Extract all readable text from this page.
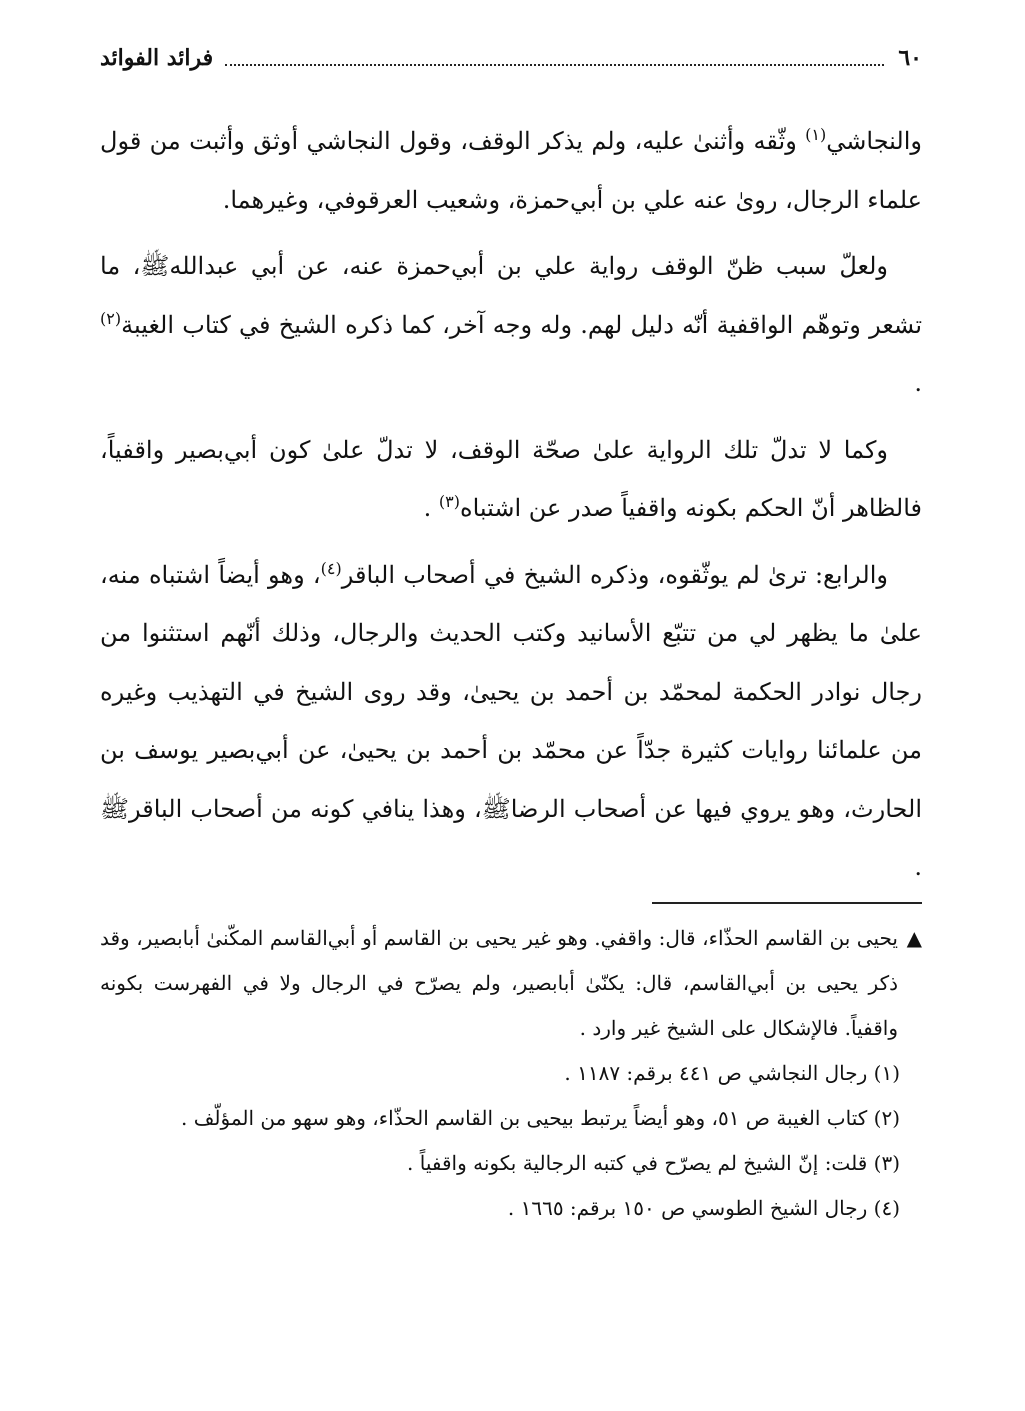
٦٠
فرائد الفوائد

والنجاشي$^{(١)}$ وثّقه وأثنىٰ عليه، ولم يذكر الوقف، وقول النجاشي أوثق وأثبت من قول علماء الرجال، روىٰ عنه علي بن أبي‌حمزة، وشعيب العرقوفي، وغيرهما.

ولعلّ سبب ظنّ الوقف رواية علي بن أبي‌حمزة عنه، عن أبي عبدالله‌ﷺ، ما تشعر وتوهّم الواقفية أنّه دليل لهم. وله وجه آخر، كما ذكره الشيخ في كتاب الغيبة$^{(٢)}$ .

وكما لا تدلّ تلك الرواية علىٰ صحّة الوقف، لا تدلّ علىٰ كون أبي‌بصير واقفياً، فالظاهر أنّ الحكم بكونه واقفياً صدر عن اشتباه$^{(٣)}$ .

والرابع: ترىٰ لم يوثّقوه، وذكره الشيخ في أصحاب الباقر$^{(٤)}$، وهو أيضاً اشتباه منه، علىٰ ما يظهر لي من تتبّع الأسانيد وكتب الحديث والرجال، وذلك أنّهم استثنوا من رجال نوادر الحكمة لمحمّد بن أحمد بن يحيىٰ، وقد روى الشيخ في التهذيب وغيره من علمائنا روايات كثيرة جدّاً عن محمّد بن أحمد بن يحيىٰ، عن أبي‌بصير يوسف بن الحارث، وهو يروي فيها عن أصحاب الرضاﷺ، وهذا ينافي كونه من أصحاب الباقرﷺ .

▲
يحيى بن القاسم الحذّاء، قال: واقفي. وهو غير يحيى بن القاسم أو أبي‌القاسم المكّنىٰ أبابصير، وقد ذكر يحيى بن أبي‌القاسم، قال: يكنّىٰ أبابصير، ولم يصرّح في الرجال ولا في الفهرست بكونه واقفياً. فالإشكال على الشيخ غير وارد .

(١) رجال النجاشي ص ٤٤١ برقم: ١١٨٧ .

(٢) كتاب الغيبة ص ٥١، وهو أيضاً يرتبط بيحيى بن القاسم الحذّاء، وهو سهو من المؤلّف .

(٣) قلت: إنّ الشيخ لم يصرّح في كتبه الرجالية بكونه واقفياً .

(٤) رجال الشيخ الطوسي ص ١٥٠ برقم: ١٦٦٥ .
